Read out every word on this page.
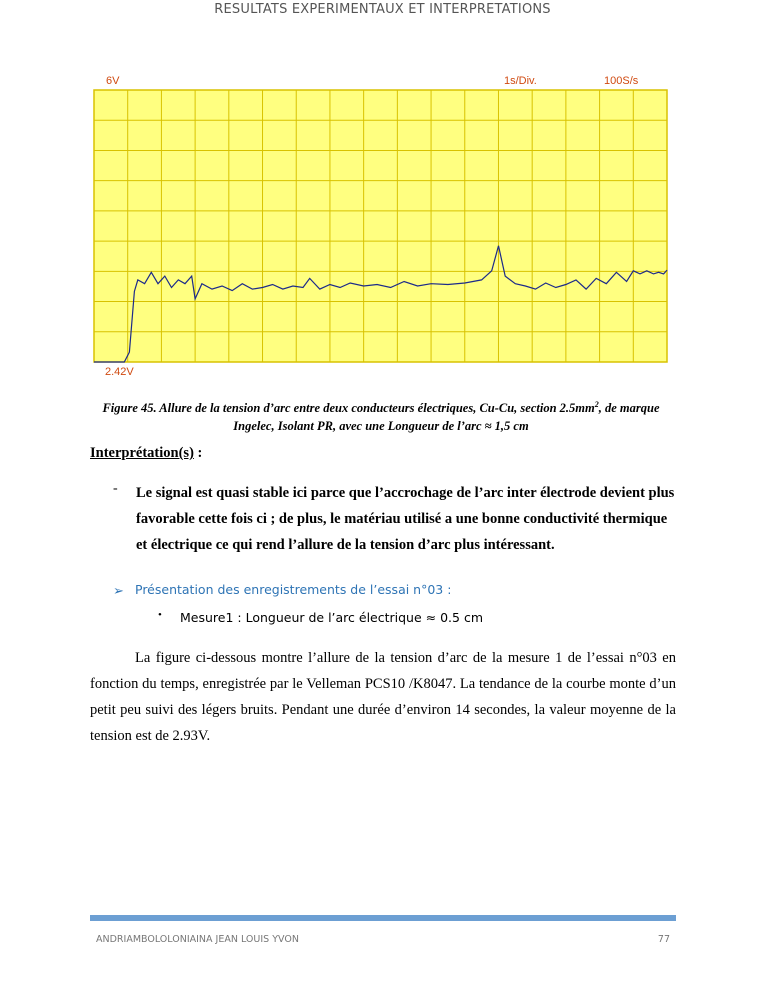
RESULTATS EXPERIMENTAUX ET INTERPRETATIONS
6V	1s/Div.	100S/s
2.42V
Figure 45. Allure de la tension d’arc entre deux conducteurs électriques, Cu-Cu, section $2.5mm^2$, de marque Ingelec, Isolant PR, avec une Longueur de l’arc ≈ 1,5 cm
Interprétation(s) :
- Le signal est quasi stable ici parce que l’accrochage de l’arc inter électrode devient plus favorable cette fois ci ; de plus, le matériau utilisé a une bonne conductivité thermique et électrique ce qui rend l’allure de la tension d’arc plus intéressant.
➢ Présentation des enregistrements de l’essai n°03 :
• Mesure1 : Longueur de l’arc électrique ≈ 0.5 cm
La figure ci-dessous montre l’allure de la tension d’arc de la mesure 1 de l’essai n°03 en fonction du temps, enregistrée par le Velleman PCS10 /K8047. La tendance de la courbe monte d’un petit peu suivi des légers bruits. Pendant une durée d’environ 14 secondes, la valeur moyenne de la tension est de 2.93V.
ANDRIAMBOLOLONIAINA JEAN LOUIS YVON	77
